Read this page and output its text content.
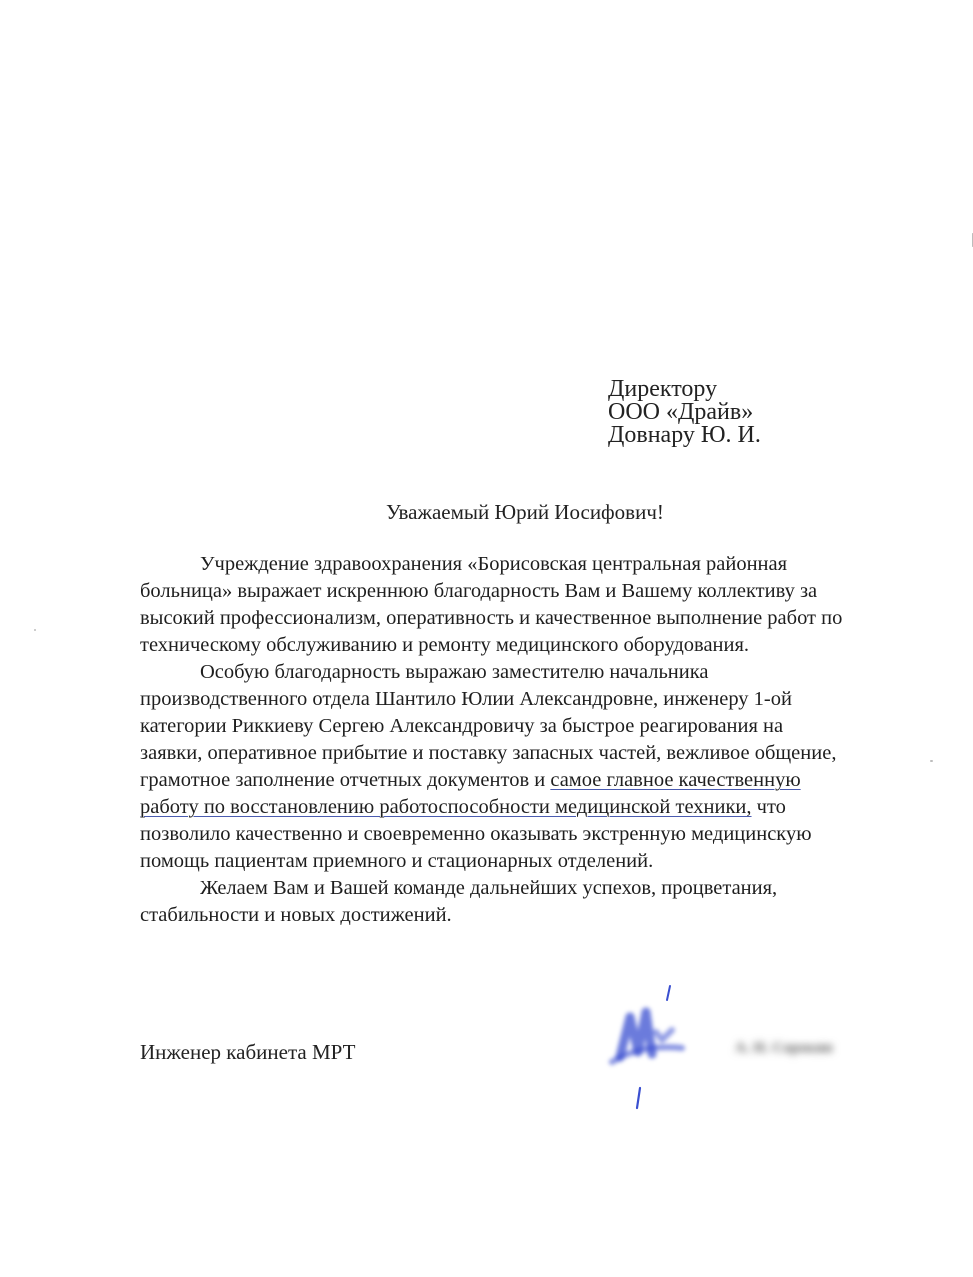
Директору
ООО «Драйв»
Довнару Ю. И.
Уважаемый Юрий Иосифович!
Учреждение здравоохранения «Борисовская центральная районная
больница» выражает искреннюю благодарность Вам и Вашему коллективу за
высокий профессионализм, оперативность и качественное выполнение работ по
техническому обслуживанию и ремонту медицинского оборудования.
Особую благодарность выражаю заместителю начальника
производственного отдела Шантило Юлии Александровне, инженеру 1-ой
категории Риккиеву Сергею Александровичу за быстрое реагирования на
заявки, оперативное прибытие и поставку запасных частей, вежливое общение,
грамотное заполнение отчетных документов и самое главное качественную
работу по восстановлению работоспособности медицинской техники, что
позволило качественно и своевременно оказывать экстренную медицинскую
помощь пациентам приемного и стационарных отделений.
Желаем Вам и Вашей команде дальнейших успехов, процветания,
стабильности и новых достижений.
Инженер кабинета МРТ	А. Н. Сорокин
